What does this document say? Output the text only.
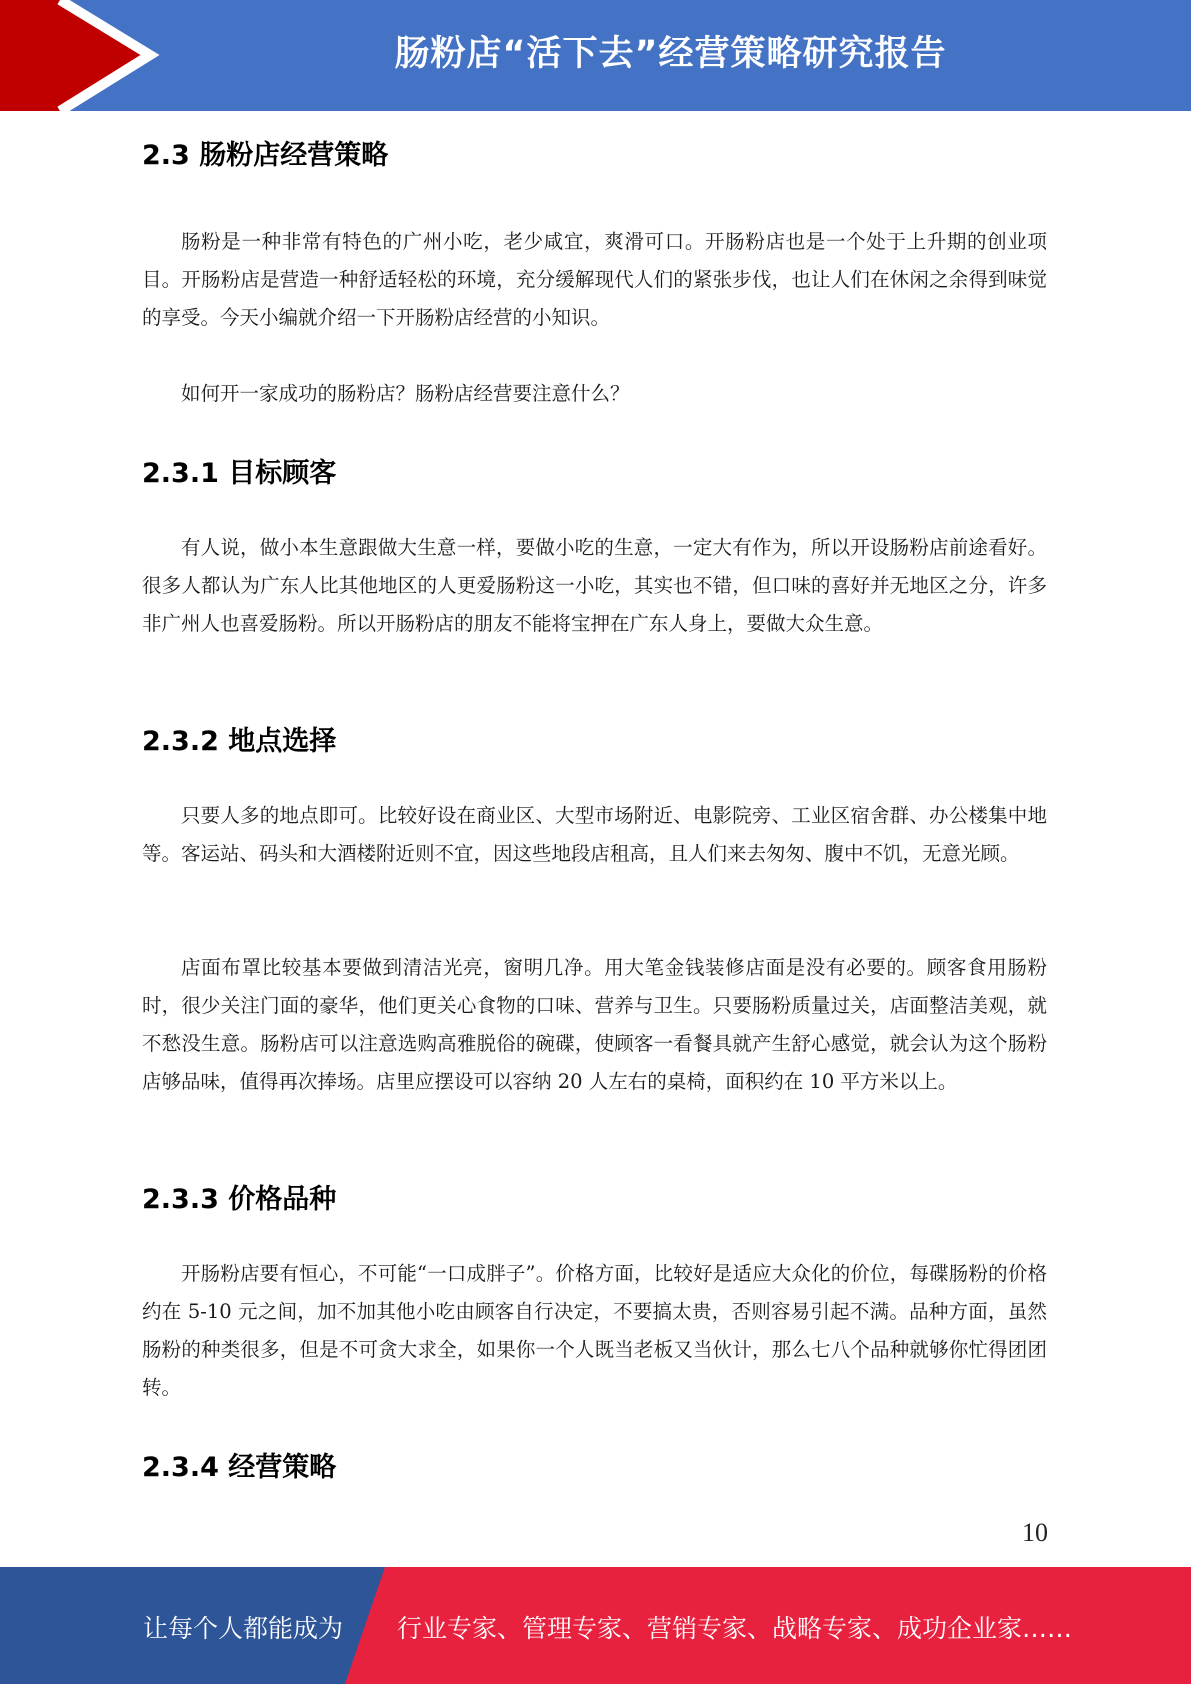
肠粉店“活下去”经营策略研究报告
2.3 肠粉店经营策略

肠粉是一种非常有特色的广州小吃，老少咸宜，爽滑可口。开肠粉店也是一个处于上升期的创业项目。开肠粉店是营造一种舒适轻松的环境，充分缓解现代人们的紧张步伐，也让人们在休闲之余得到味觉的享受。今天小编就介绍一下开肠粉店经营的小知识。

如何开一家成功的肠粉店？肠粉店经营要注意什么？

2.3.1 目标顾客

有人说，做小本生意跟做大生意一样，要做小吃的生意，一定大有作为，所以开设肠粉店前途看好。很多人都认为广东人比其他地区的人更爱肠粉这一小吃，其实也不错，但口味的喜好并无地区之分，许多非广州人也喜爱肠粉。所以开肠粉店的朋友不能将宝押在广东人身上，要做大众生意。

2.3.2 地点选择

只要人多的地点即可。比较好设在商业区、大型市场附近、电影院旁、工业区宿舍群、办公楼集中地等。客运站、码头和大酒楼附近则不宜，因这些地段店租高，且人们来去匆匆、腹中不饥，无意光顾。

店面布罩比较基本要做到清洁光亮，窗明几净。用大笔金钱装修店面是没有必要的。顾客食用肠粉时，很少关注门面的豪华，他们更关心食物的口味、营养与卫生。只要肠粉质量过关，店面整洁美观，就不愁没生意。肠粉店可以注意选购高雅脱俗的碗碟，使顾客一看餐具就产生舒心感觉，就会认为这个肠粉店够品味，值得再次捧场。店里应摆设可以容纳 20 人左右的桌椅，面积约在 10 平方米以上。

2.3.3 价格品种

开肠粉店要有恒心，不可能“一口成胖子”。价格方面，比较好是适应大众化的价位，每碟肠粉的价格约在 5-10 元之间，加不加其他小吃由顾客自行决定，不要搞太贵，否则容易引起不满。品种方面，虽然肠粉的种类很多，但是不可贪大求全，如果你一个人既当老板又当伙计，那么七八个品种就够你忙得团团转。

2.3.4 经营策略
10
让每个人都能成为 行业专家、管理专家、营销专家、战略专家、成功企业家……
